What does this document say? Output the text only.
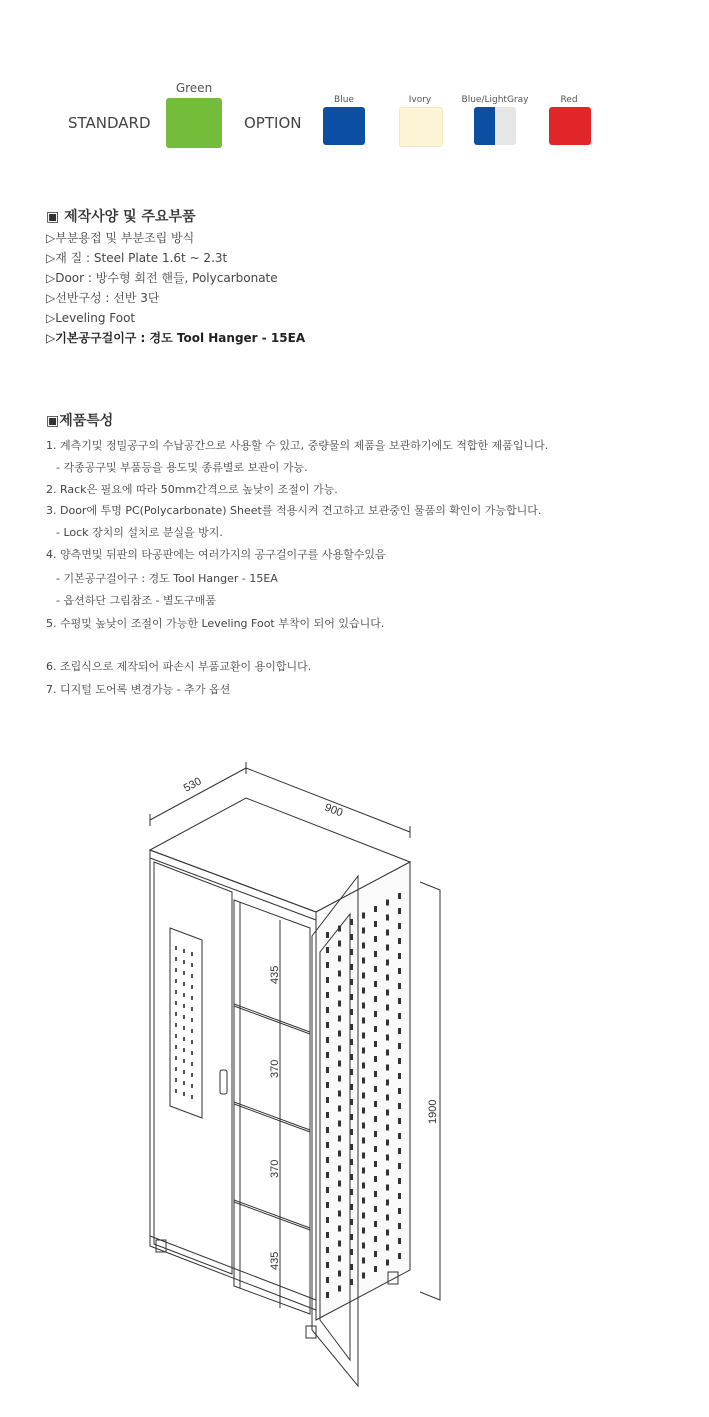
STANDARD
Green
OPTION
Blue	Ivory	Blue/LightGray	Red
▣ 제작사양 및 주요부품
▷부분용접 및 부분조립 방식
▷재 질 : Steel Plate 1.6t ~ 2.3t
▷Door : 방수형 회전 핸들, Polycarbonate
▷선반구성 : 선반 3단
▷Leveling Foot
▷기본공구걸이구 : 경도 Tool Hanger - 15EA
▣제품특성
1. 계측기및 정밀공구의 수납공간으로 사용할 수 있고, 중량물의 제품을 보관하기에도 적합한 제품입니다.
- 각종공구및 부품등을 용도및 종류별로 보관이 가능.
2. Rack은 필요에 따라 50mm간격으로 높낮이 조절이 가능.
3. Door에 투명 PC(Polycarbonate) Sheet를 적용시켜 견고하고 보관중인 물품의 확인이 가능합니다.
- Lock 장치의 설치로 분실을 방지.
4. 양측면및 뒤판의 타공판에는 여러가지의 공구걸이구를 사용할수있음
- 기본공구걸이구 : 경도 Tool Hanger - 15EA
- 옵션하단 그림참조 - 별도구매품
5. 수평및 높낮이 조절이 가능한 Leveling Foot 부착이 되어 있습니다.
6. 조립식으로 제작되어 파손시 부품교환이 용이합니다.
7. 디지털 도어록 변경가능 - 추가 옵션
530
900
1900
435
370
370
435
